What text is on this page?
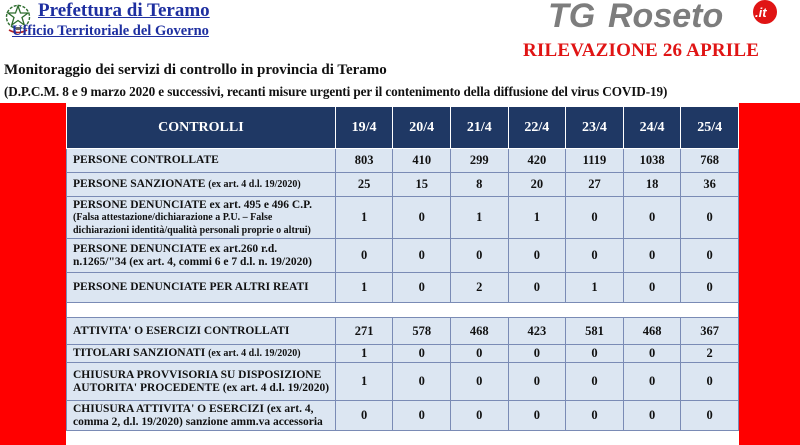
Prefettura di Teramo
Ufficio Territoriale del Governo	TG Roseto .it
RILEVAZIONE 26 APRILE
Monitoraggio dei servizi di controllo in provincia di Teramo
(D.P.C.M. 8 e 9 marzo 2020 e successivi, recanti misure urgenti per il contenimento della diffusione del virus COVID-19)
CONTROLLI	19/4	20/4	21/4	22/4	23/4	24/4	25/4
PERSONE CONTROLLATE	803	410	299	420	1119	1038	768
PERSONE SANZIONATE (ex art. 4 d.l. 19/2020)	25	15	8	20	27	18	36
PERSONE DENUNCIATE ex art. 495 e 496 C.P. (Falsa attestazione/dichiarazione a P.U. – False dichiarazioni identità/qualità personali proprie o altrui)	1	0	1	1	0	0	0
PERSONE DENUNCIATE ex art.260 r.d. n.1265/"34 (ex art. 4, commi 6 e 7 d.l. n. 19/2020)	0	0	0	0	0	0	0
PERSONE DENUNCIATE PER ALTRI REATI	1	0	2	0	1	0	0

ATTIVITA' O ESERCIZI CONTROLLATI	271	578	468	423	581	468	367
TITOLARI SANZIONATI (ex art. 4 d.l. 19/2020)	1	0	0	0	0	0	2
CHIUSURA PROVVISORIA SU DISPOSIZIONE AUTORITA' PROCEDENTE (ex art. 4 d.l. 19/2020)	1	0	0	0	0	0	0
CHIUSURA ATTIVITA' O ESERCIZI (ex art. 4, comma 2, d.l. 19/2020) sanzione amm.va accessoria	0	0	0	0	0	0	0
